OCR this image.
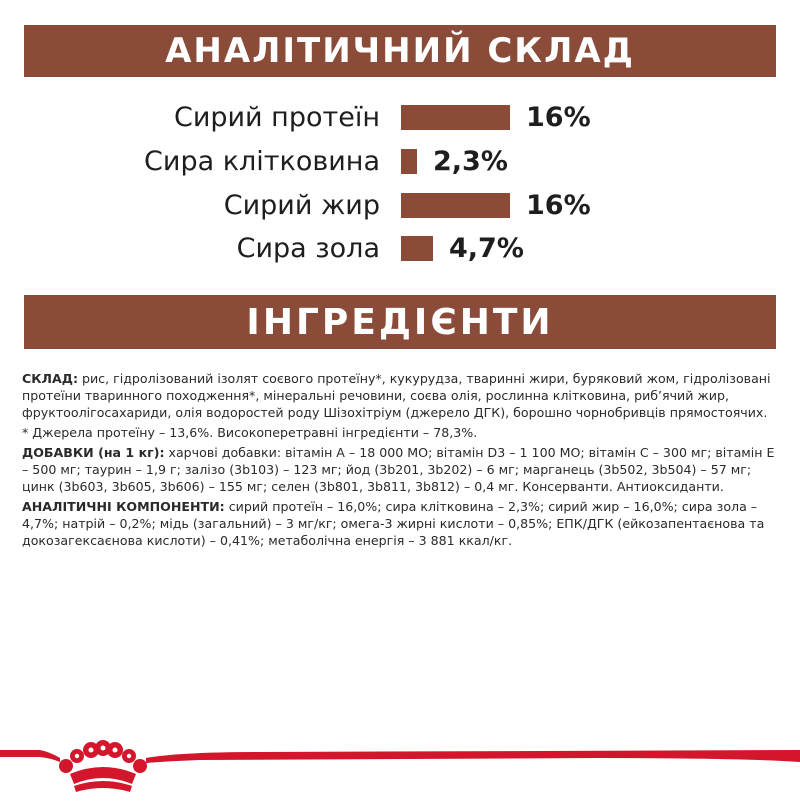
АНАЛІТИЧНИЙ СКЛАД
Сирий протеїн	16%
Сира клітковина 2,3%
Сирий жир	16%
Сира зола	4,7%
ІНГРЕДІЄНТИ

СКЛАД: рис, гідролізований ізолят соєвого протеїну*, кукурудза, тваринні жири, буряковий жом, гідролізовані протеїни тваринного походження*, мінеральні речовини, соєва олія, рослинна клітковина, риб’ячий жир, фруктоолігосахариди, олія водоростей роду Шізохітріум (джерело ДГК), борошно чорнобривців прямостоячих.

* Джерела протеїну – 13,6%. Високоперетравні інгредієнти – 78,3%.

ДОБАВКИ (на 1 кг): харчові добавки: вітамін А – 18 000 МО; вітамін D3 – 1 100 МО; вітамін С – 300 мг; вітамін Е – 500 мг; таурин – 1,9 г; залізо (3b103) – 123 мг; йод (3b201, 3b202) – 6 мг; марганець (3b502, 3b504) – 57 мг; цинк (3b603, 3b605, 3b606) – 155 мг; селен (3b801, 3b811, 3b812) – 0,4 мг. Консерванти. Антиоксиданти.

АНАЛІТИЧНІ КОМПОНЕНТИ: сирий протеїн – 16,0%; сира клітковина – 2,3%; сирий жир – 16,0%; сира зола – 4,7%; натрій – 0,2%; мідь (загальний) – 3 мг/кг; омега-3 жирні кислоти – 0,85%; ЕПК/ДГК (ейкозапентаєнова та докозагексаєнова кислоти) – 0,41%; метаболічна енергія – 3 881 ккал/кг.
